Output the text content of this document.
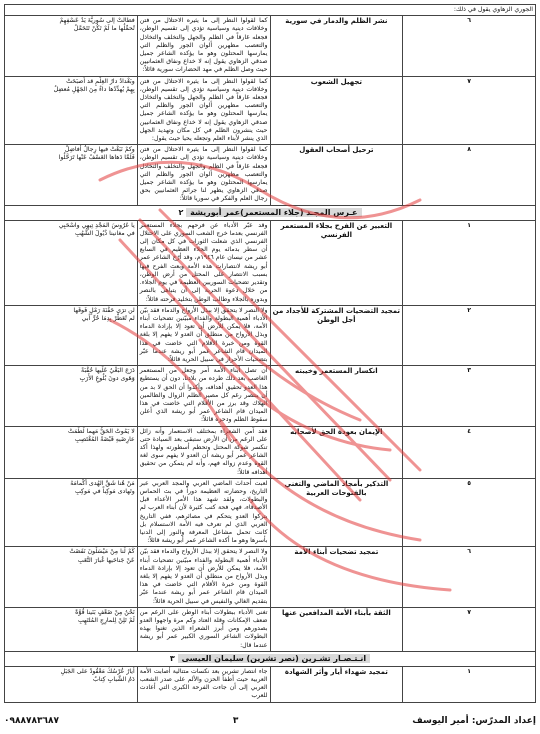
الجوري الزهاوي يقول في ذلك:			
٦	نشر الظلم والدمار في سورية	كما لقولوا النظر إلى ما يثيره الاحتلال من فتن وخلافات دينية وسياسية تؤدي إلى تقسيم الوطن، فجعله غارقاً في الظلم والجهل والتخلف والتخاذل والتعصب مظهرين ألوان الجور والظلم التي يمارسها المحتلون وهو ما يؤكده الشاعر جميل صدقي الزهاوي يقول إنه لا خداع ونفاق العثمانيين حيث وصل الظلم في مهد الحضارات سورية قائلاً:	فطالتْ إلى سُوريَّةَ يَدُ عَسْفِهِمْ
تُحمِّلُها ما لَمْ تَكُنْ تَتَحَمَّلُ

٧	تجهيل الشعوب	كما لقولوا النظر إلى ما يثيره الاحتلال من فتن وخلافات دينية وسياسية تؤدي إلى تقسيم الوطن، فجعله غارقاً في الظلم والجهل والتخلف والتخاذل والتعصب مظهرين ألوان الجور والظلم التي يمارسها المحتلون وهو ما يؤكده الشاعر جميل صدقي الزهاوي يقول إنه لا خداع ونفاق العثمانيين حيث ينشرون الظلم في كل مكان وتهديد الجهل الذي ينشر لأبناء العلم وتجعله يحيا حيث يقول:	وبَغْدادُ دارُ العِلْمِ قد أصبَحَتْ
بِهِمْ يُهدِّدُها داءٌ مِنَ الجَهْلِ مُعضِلُ

٨	ترحيل أصحاب العقول	كما لقولوا النظر إلى ما يثيره الاحتلال من فتن وخلافات دينية وسياسية تؤدي إلى تقسيم الوطن، فجعله غارقاً في الظلم والجهل والتخلف والتخاذل والتعصب مظهرين ألوان الجور والظلم التي يمارسها المحتلون وهو ما يؤكده الشاعر جميل صدقي الزهاوي يظهر لنا جرائم العثمانيين بحق رجال العلم والفكر في سوريا قائلاً:	وكمْ نَبَغْتْ فيها رِجالٌ أفاضِلٌ
فَلَمَّا دَهاها العَسْفُ عَنْها تَرَحَّلُوا

عـرس المجـد (جلاء المستعمر)عمر أبوريشة ٢			
١	التعبير عن الفرح بجلاء المستعمر الفرنسي	وقد عبّر الأدباء عن فرحهم بجلاء المستعمر الفرنسي بعدما خرج الشعب السوري على الاحتلال الفرنسي الذي شعلت الثورات في كل مكان إلى أن سطر بدمائه يوم الجلاء العظيم في السابع عشر من نيسان عام ١٩٤٦م، وقد أرّخ الشاعر عمر أبو ريشة لانتصارات هذه الأمة وبعث الفرح فيها بسبب الانتصار على المحتل من أرض الوطن، وتقدير تضحيات السوريين العظيمة في يوم الجلاء. من خلال دعوة الحرية إلى أن يتباهى بالنصر وبدوره بالجلاء وطالب الوطن بتخليد فرحته قائلاً:	يا عَرُوسَ المَجْدِ تِيهِي واسْحَبِي
في مغانينا ذُيُولَ الشُّهُبِ

٢	تمجيد التضحيات المشتركة للأجداد من أجل الوطن	ولا النصر لا يتحقق إلا ببذل الأرواح والدماء فقد بيّن الأدباء أهمية البطولة والفداء مبيّنين تضحيات أبناء الأمة، فلا يمكن للأرض أن تعود إلا بإرادة الدماء وبذل الأرواح من منطلق أن العدو لا يفهم إلا بلغة القوة ومن خبرة الأقلام التي خاضت في هذا الميدان قام الشاعر عمر أبو ريشة عندما عبّر بتضحيات الأحرار في سبيل الحرية قائلاً:	لن ترَى حَفْنَةَ رَمْلٍ فَوقَها
لم تُعَطَّرْ بِدِمَا حُرٍّ أبي

٣	انكسار المستعمر وخيبته	أن تصل أبناء الأمة أمر وجعل من المستعمر الغاصب بعد ذلك طرده من بلادنا، دون أن يستطيع هذا العدو تحقيق أهدافه، وأكدوا أن الحق لا بد من أن ينتصر رغم كل مصير الظلم الزوال والظالمين الهلاك وقد برز من الأقلام التي خاضت في هذا الميدان قام الشاعر عمر أبو ريشة الذي أعلن سقوط الظلم ودحره قائلاً:	دَرَجَ البَغْيُ عَلَيها حُقْبَةً
وَهَوى دونَ بُلُوغِ الأَرَبِ

٤	الإيمان بعودة الحق لأصحابه	فقد آمن الشعراء بمختلف الاستعمار وأنه زائل على الرغم من أن الأرض ستبقى بعد السيادة حتى تنكسر شوكة المحتل وتحطم أسطورته ولهذا أكد الشاعر عمر أبو ريشة أن العدو لا يفهم سوى لغة القوة وعدم زواله فهم، وأنه لم يتمكن من تحقيق أهدافه قائلاً:	لا يَمُوتُ الحَقُّ مَهما لَطَمَتْ
عارِضَيهِ قَبْضَةُ المُغْتَصِبِ

٥	التذكير بأمجاد الماضي والتغني بالفتوحات العربية	لعبت أحداث الماضي العربي والمجد العربي عبر التاريخ، وحضارته العظيمة دوراً في بث الحماس والبطولات، ولقد شهد هذا الأمر الأعداء قبل الأصدقاء، فهي فحة كتب كثيرة لأن أبناء العرب لم يتركوا العدو يتحكم في مصائرهم، ففي التاريخ العربي الذي لم تعرف فيه الأمة الاستسلام بل كانت تحمل مشاعل المعرفة والنور إلى الدنيا بأسرها وهو ما أكده الشاعر عمر أبو ريشة قائلاً:	مَنْ هُنا شَقَّ الهُدى أَكْمامَهُ
وتَهادى مَوكِباً في مَوكِبِ

٦	تمجيد تضحيات أبناء الأمة	ولا النصر لا يتحقق إلا ببذل الأرواح والدماء فقد بيّن الأدباء أهمية البطولة والفداء مبيّنين تضحيات أبناء الأمة، فلا يمكن للأرض أن تعود إلا بإرادة الدماء وبذل الأرواح من منطلق أن العدو لا يفهم إلا بلغة القوة ومن خبرة الأقلام التي خاضت في هذا الميدان قام الشاعر عمر أبو ريشة عندما عبّر بتقديم الغالي والنفيس في سبيل الحرية قائلاً:	كَمْ لَنا مِنْ مَيْسَلُونَ نَفَضَتْ
عَنْ جَناحَيها غُبارَ التَّعَبِ

٧	الثقة بأبناء الأمة المدافعين عنها	تغنى الأدباء ببطولات أبناء الوطن على الرغم من ضعف الإمكانات وقلة العتاد وكم مرة واجهوا العدو بصدورهم ومن أبرز الشعراء الذين تغنوا بهذه البطولات الشاعر السوري الكبير عمر أبو ريشة عندما قال:	نَحْنُ مِنْ ضَعْفٍ بَنَينا قُوَّةً
لَمْ تَلِنْ لِلمارِجِ المُلتَهِبِ

انـتـصـار تشـرين (نصر تشرين) سليمان العيسى ٣			
١	تمجيد شهداء أيار وأثر الشهادة	جاء انتصار تشرين بعد نكسات متتالية أصابت الأمة العربية حيث أطفأ الحزن والألم على صدر الشعب العربي إلى أن جاءت الفرحة الكبرى التي أعادت للعرب	أيارُ عُرْسُكَ مَعْقُودٌ على الجَبَلِ
دَمُ الشَّبابِ كِتابٌ
إعداد المدرّس: أمير اليوسف
٣
٠٩٨٨٧٨٣٦٨٧
